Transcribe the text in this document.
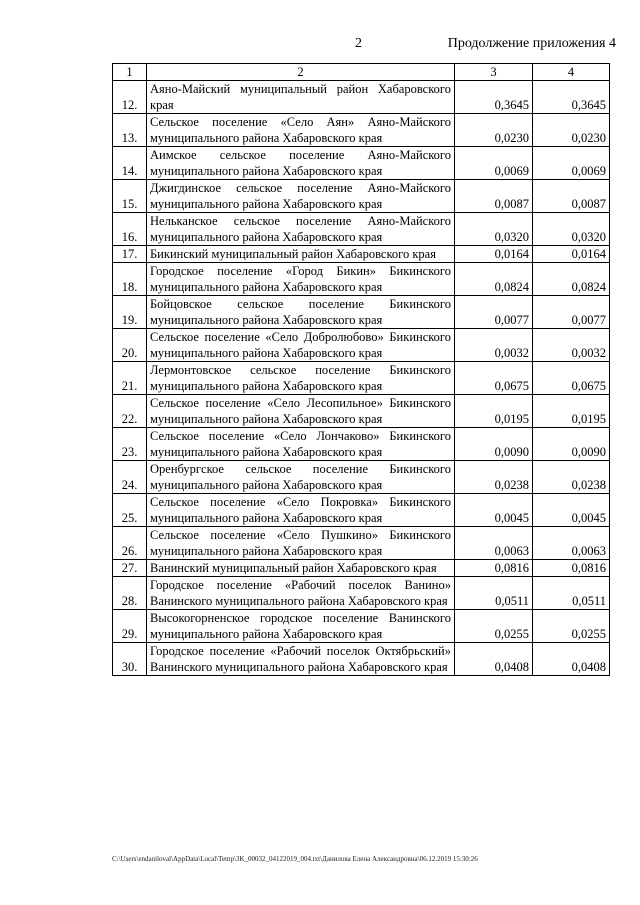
2	Продолжение приложения 4
1	2	3	4
12.	Аяно-Майский муниципальный район Хабаровского края	0,3645	0,3645
13.	Сельское поселение «Село Аян» Аяно-Майского муниципального района Хабаровского края	0,0230	0,0230
14.	Аимское сельское поселение Аяно-Майского муниципального района Хабаровского края	0,0069	0,0069
15.	Джигдинское сельское поселение Аяно-Майского муниципального района Хабаровского края	0,0087	0,0087
16.	Нельканское сельское поселение Аяно-Майского муниципального района Хабаровского края	0,0320	0,0320
17.	Бикинский муниципальный район Хабаровского края	0,0164	0,0164
18.	Городское поселение «Город Бикин» Бикинского муниципального района Хабаровского края	0,0824	0,0824
19.	Бойцовское сельское поселение Бикинского муниципального района Хабаровского края	0,0077	0,0077
20.	Сельское поселение «Село Добролюбово» Бикинского муниципального района Хабаровского края	0,0032	0,0032
21.	Лермонтовское сельское поселение Бикинского муниципального района Хабаровского края	0,0675	0,0675
22.	Сельское поселение «Село Лесопильное» Бикинского муниципального района Хабаровского края	0,0195	0,0195
23.	Сельское поселение «Село Лончаково» Бикинского муниципального района Хабаровского края	0,0090	0,0090
24.	Оренбургское сельское поселение Бикинского муниципального района Хабаровского края	0,0238	0,0238
25.	Сельское поселение «Село Покровка» Бикинского муниципального района Хабаровского края	0,0045	0,0045
26.	Сельское поселение «Село Пушкино» Бикинского муниципального района Хабаровского края	0,0063	0,0063
27.	Ванинский муниципальный район Хабаровского края	0,0816	0,0816
28.	Городское поселение «Рабочий поселок Ванино» Ванинского муниципального района Хабаровского края	0,0511	0,0511
29.	Высокогорненское городское поселение Ванинского муниципального района Хабаровского края	0,0255	0,0255
30.	Городское поселение «Рабочий поселок Октябрьский» Ванинского муниципального района Хабаровского края	0,0408	0,0408
C:\Users\endaniloval\AppData\Local\Temp\3K_00032_04122019_004.txt\Данилова Елена Александровна\06.12.2019 15:30:26
